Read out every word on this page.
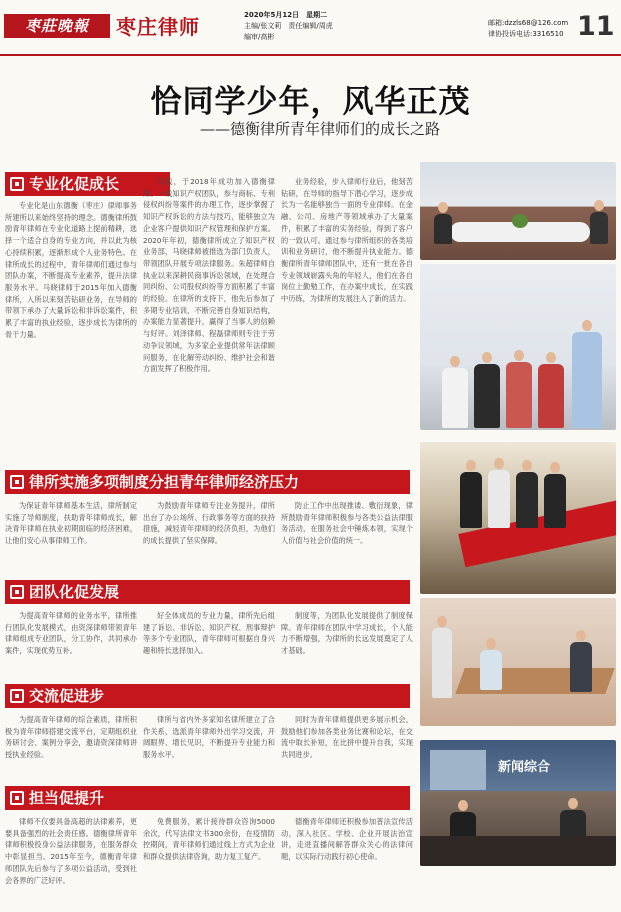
枣莊晚報	枣庄律师	2020年5月12日　星期二
主编/张文莉　责任编辑/周虎
编审/高彬
邮箱:dzzls68@126.com
律协投诉电话:3316510 11
恰同学少年，风华正茂
——德衡律所青年律师们的成长之路
专业化促成长
专业化是山东德衡（枣庄）律师事务所建所以来始终坚持的理念。德衡律所鼓励青年律师在专业化道路上提前精耕，选择一个适合自身的专业方向，并以此为核心持续积累，逐渐形成个人业务特色。在律所成长的过程中，青年律师们通过参与团队办案，不断提高专业素养，提升法律服务水平。马晓律师于2015年加入德衡律所，入所以来刻苦钻研业务，在导师的带领下承办了大量诉讼和非诉讼案件，积累了丰富的执业经验，逐步成长为律所的骨干力量。
实践，于2018年成功加入德衡律所。一线知识产权团队，参与商标、专利侵权纠纷等案件的办理工作，逐步掌握了知识产权诉讼的方法与技巧，能够独立为企业客户提供知识产权管理和保护方案。2020年年初，德衡律所成立了知识产权业务部，马晓律师被推选为部门负责人，带领团队开展专项法律服务。朱超律师自执业以来深耕民商事诉讼领域，在处理合同纠纷、公司股权纠纷等方面积累了丰富的经验。在律所的支持下，他先后参加了多期专业培训，不断完善自身知识结构，办案能力显著提升，赢得了当事人的信赖与好评。刘泽律师、程磊律师则专注于劳动争议领域，为多家企业提供常年法律顾问服务，在化解劳动纠纷、维护社会和谐方面发挥了积极作用。
业务经验，步入律师行业后，他刻苦钻研，在导师的指导下潜心学习，逐步成长为一名能够独当一面的专业律师。在金融、公司、房地产等领域承办了大量案件，积累了丰富的实务经验，得到了客户的一致认可。通过参与律所组织的各类培训和业务研讨，他不断提升执业能力。德衡律所青年律师团队中，还有一批在各自专业领域崭露头角的年轻人，他们在各自岗位上勤勉工作，在办案中成长，在实践中历练，为律所的发展注入了新的活力。
律所实施多项制度分担青年律师经济压力
为保证青年律师基本生活，律所制定实施了导师制度，扶助青年律师成长，解决青年律师在执业初期面临的经济困难，让他们安心从事律师工作。
为鼓励青年律师专注业务提升，律所出台了办公场所、行政事务等方面的扶持措施，减轻青年律师的经济负担，为他们的成长提供了坚实保障。
防止工作中出现推诿、敷衍现象，律所鼓励青年律师积极参与各类公益法律服务活动，在服务社会中锤炼本领，实现个人价值与社会价值的统一。
团队化促发展
为提高青年律师的业务水平，律所推行团队化发展模式，由资深律师带领青年律师组成专业团队，分工协作，共同承办案件，实现优势互补。
好全体成员的专业力量，律所先后组建了诉讼、非诉讼、知识产权、刑事辩护等多个专业团队，青年律师可根据自身兴趣和特长选择加入。
制度等，为团队化发展提供了制度保障。青年律师在团队中学习成长，个人能力不断增强，为律所的长远发展奠定了人才基础。
交流促进步
为提高青年律师的综合素质，律所积极为青年律师搭建交流平台，定期组织业务研讨会、案例分享会，邀请资深律师讲授执业经验。
律所与省内外多家知名律所建立了合作关系，选派青年律师外出学习交流，开阔眼界、增长见识，不断提升专业能力和服务水平。
同时为青年律师提供更多展示机会，鼓励他们参加各类业务比赛和论坛，在交流中取长补短，在比拼中提升自我，实现共同进步。
担当促提升
律师不仅要具备高超的法律素养，更要具备强烈的社会责任感。德衡律所青年律师积极投身公益法律服务，在服务群众中彰显担当。2015年至今，德衡青年律师团队先后参与了多项公益活动，受到社会各界的广泛好评。
免费服务，累计接待群众咨询5000余次，代写法律文书300余份，在疫情防控期间，青年律师们通过线上方式为企业和群众提供法律咨询，助力复工复产。
德衡青年律师还积极参加普法宣传活动，深入社区、学校、企业开展法治宣讲，走进直播间解答群众关心的法律问题，以实际行动践行初心使命。
新闻综合
